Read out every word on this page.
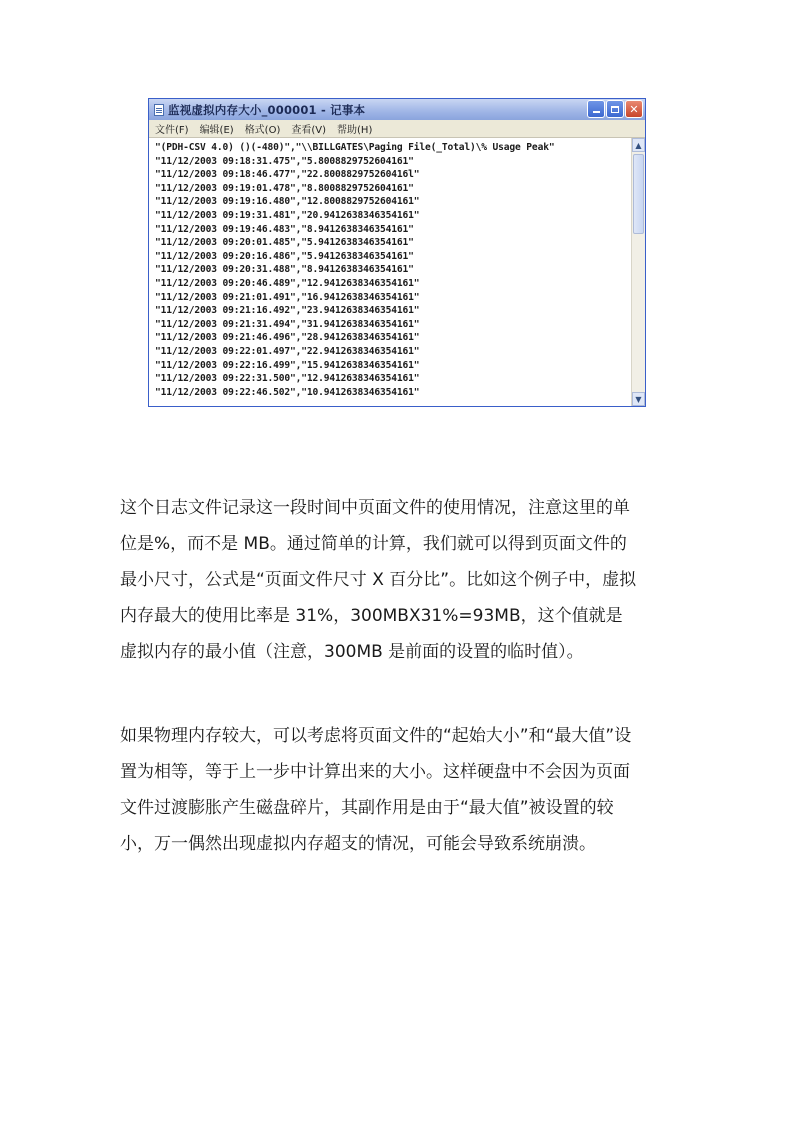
监视虚拟内存大小_000001 - 记事本	✕
文件(F) 编辑(E) 格式(O) 查看(V) 帮助(H)
"(PDH-CSV 4.0) ()(-480)","\\BILLGATES\Paging File(_Total)\% Usage Peak"
"11/12/2003 09:18:31.475","5.8008829752604161"
"11/12/2003 09:18:46.477","22.800882975260416l"
"11/12/2003 09:19:01.478","8.8008829752604161"
"11/12/2003 09:19:16.480","12.8008829752604161"
"11/12/2003 09:19:31.481","20.9412638346354161"
"11/12/2003 09:19:46.483","8.9412638346354161"
"11/12/2003 09:20:01.485","5.9412638346354161"
"11/12/2003 09:20:16.486","5.9412638346354161"
"11/12/2003 09:20:31.488","8.9412638346354161"
"11/12/2003 09:20:46.489","12.9412638346354161"
"11/12/2003 09:21:01.491","16.9412638346354161"
"11/12/2003 09:21:16.492","23.9412638346354161"
"11/12/2003 09:21:31.494","31.9412638346354161"
"11/12/2003 09:21:46.496","28.9412638346354161"
"11/12/2003 09:22:01.497","22.9412638346354161"
"11/12/2003 09:22:16.499","15.9412638346354161"
"11/12/2003 09:22:31.500","12.9412638346354161"
"11/12/2003 09:22:46.502","10.9412638346354161"
▲
▼
这个日志文件记录这一段时间中页面文件的使用情况，注意这里的单
位是%，而不是 MB。通过简单的计算，我们就可以得到页面文件的
最小尺寸，公式是“页面文件尺寸 X 百分比”。比如这个例子中，虚拟
内存最大的使用比率是 31%，300MBX31%=93MB，这个值就是
虚拟内存的最小值（注意，300MB 是前面的设置的临时值）。
如果物理内存较大，可以考虑将页面文件的“起始大小”和“最大值”设
置为相等，等于上一步中计算出来的大小。这样硬盘中不会因为页面
文件过渡膨胀产生磁盘碎片，其副作用是由于“最大值”被设置的较
小，万一偶然出现虚拟内存超支的情况，可能会导致系统崩溃。
